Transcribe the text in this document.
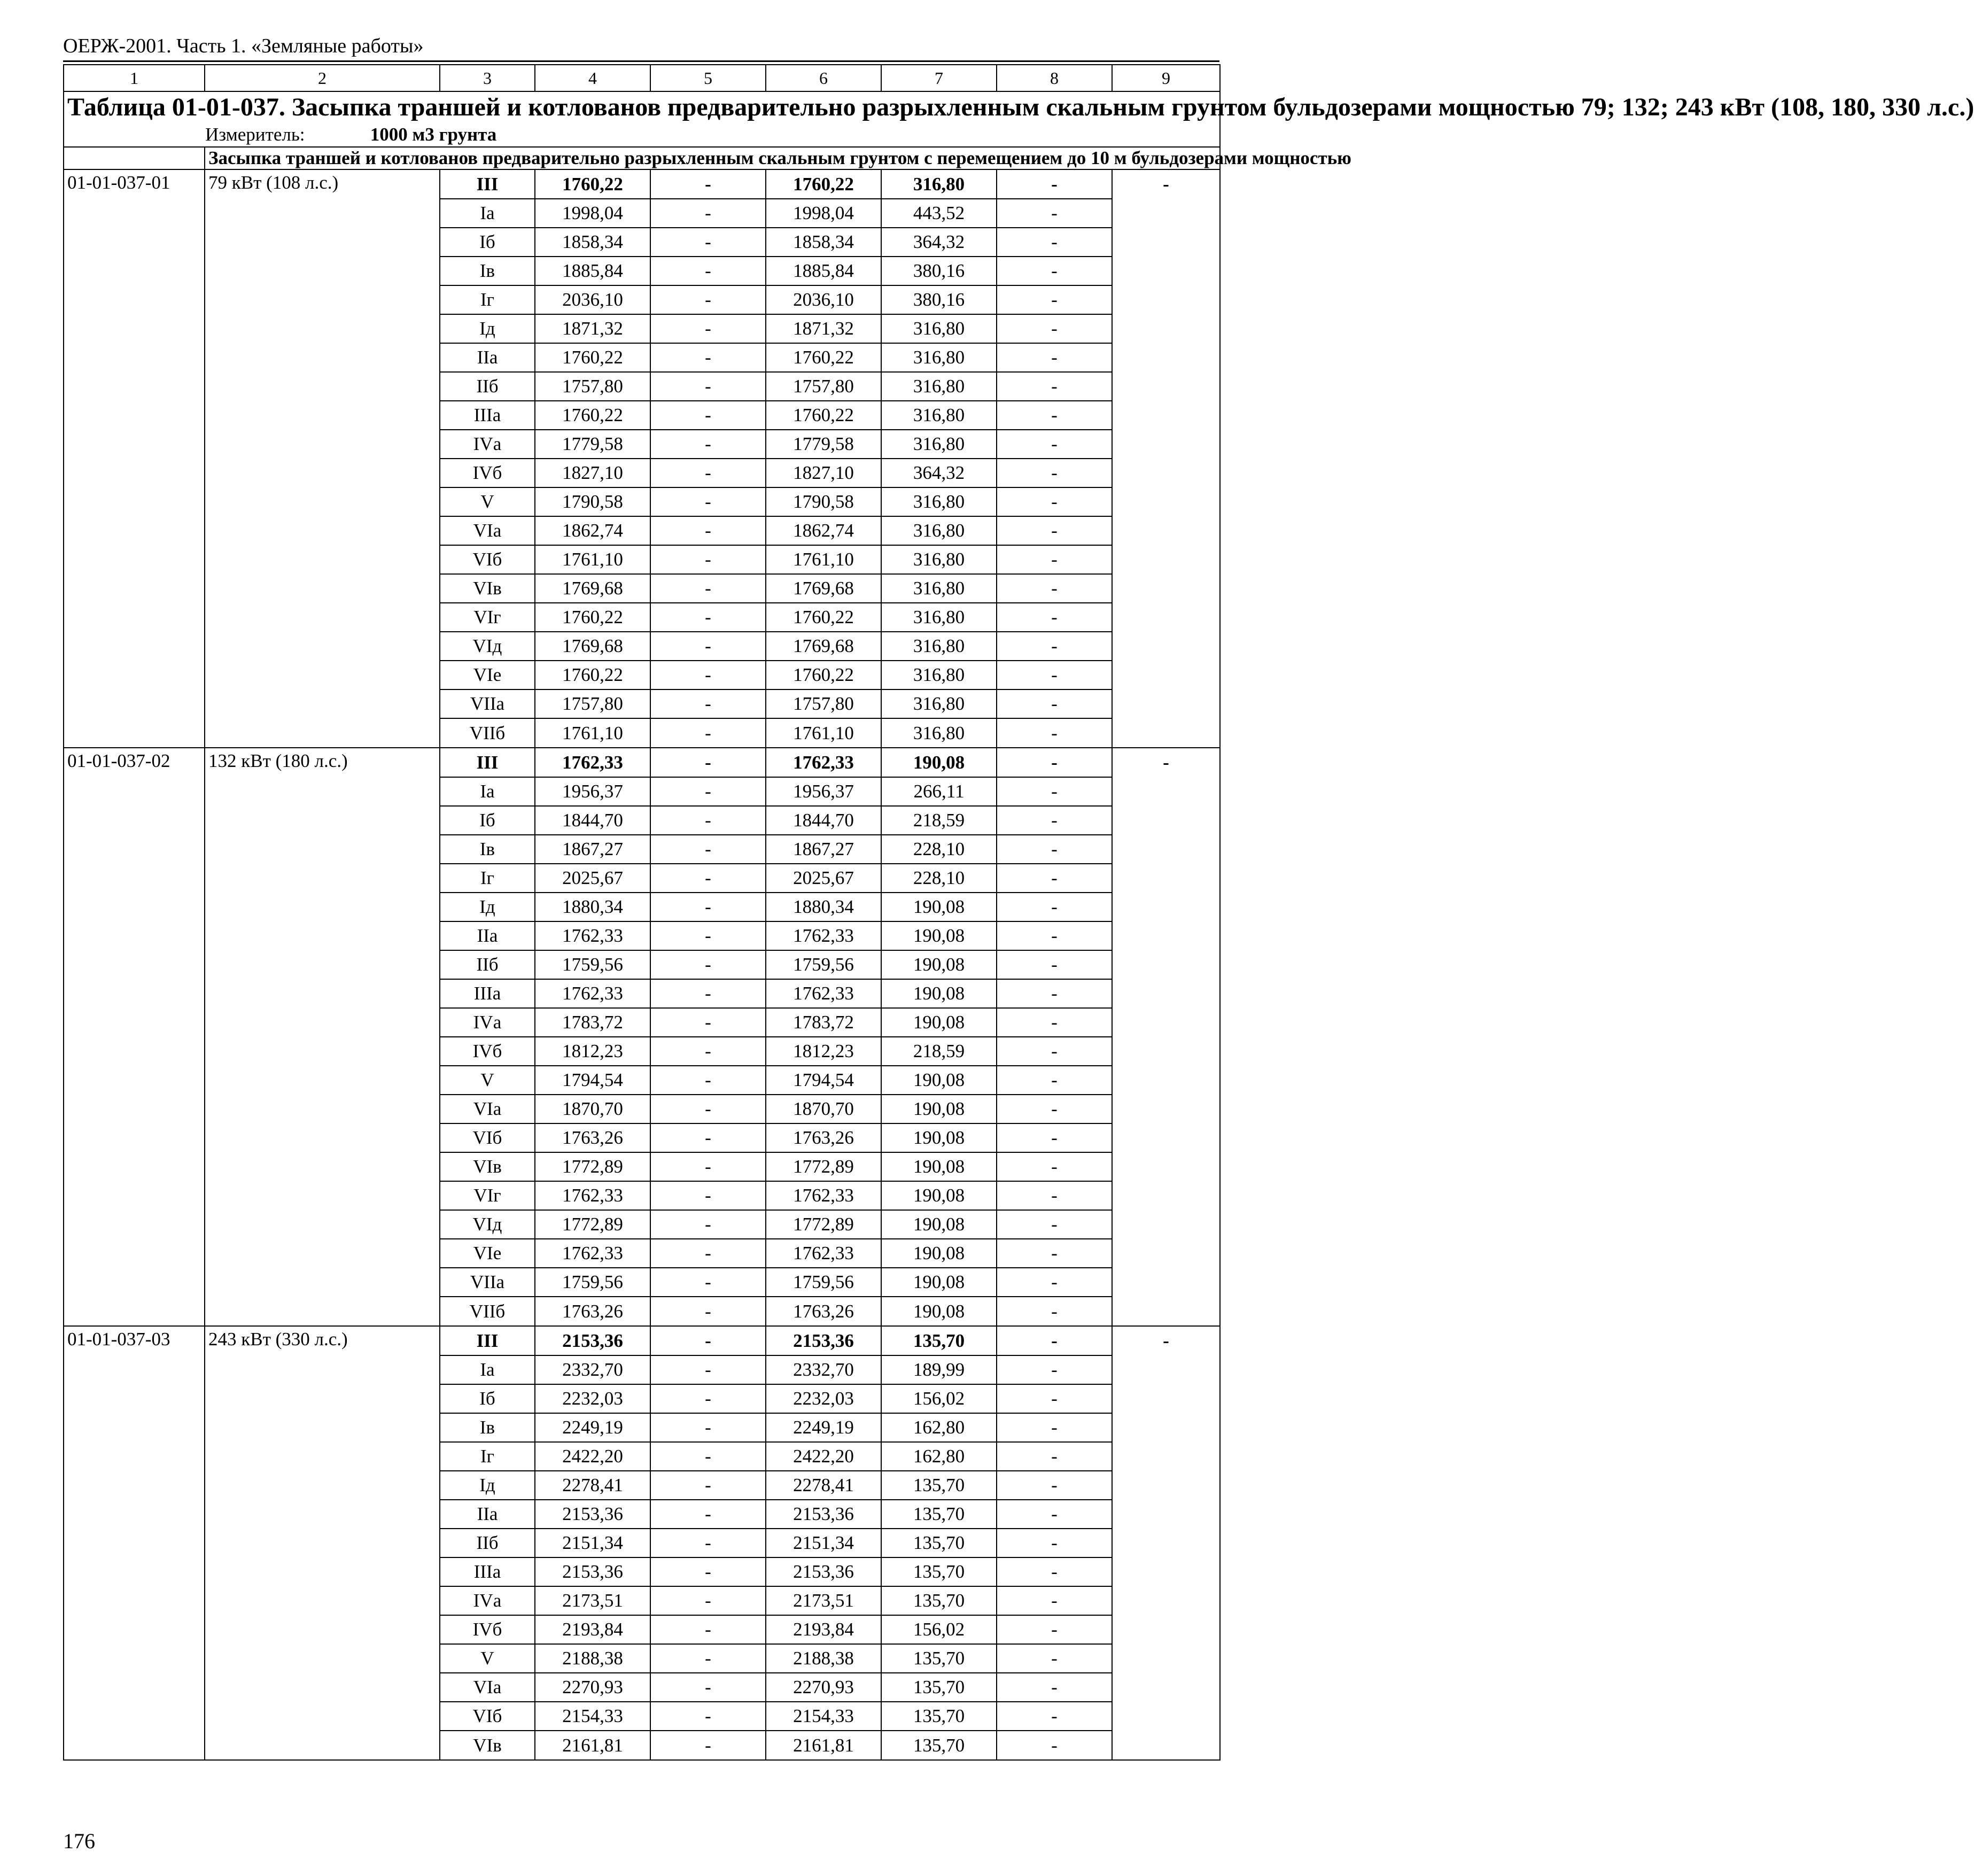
ОЕРЖ-2001. Часть 1. «Земляные работы»
1	2	3	4	5	6	7	8	9

Таблица 01-01-037. Засыпка траншей и котлованов предварительно разрыхленным скальным грунтом бульдозерами мощностью 79; 132; 243 кВт (108, 180, 330 л.с.)
Измеритель: 1000 м3 грунта								

	Засыпка траншей и котлованов предварительно разрыхленным скальным грунтом с перемещением до 10 м бульдозерами мощностью							
01-01-037-01	79 кВт (108 л.с.)	III	1760,22	-	1760,22	316,80	-	-
		Iа	1998,04	-	1998,04	443,52	-	
		Iб	1858,34	-	1858,34	364,32	-	
		Iв	1885,84	-	1885,84	380,16	-	
		Iг	2036,10	-	2036,10	380,16	-	
		Iд	1871,32	-	1871,32	316,80	-	
		IIа	1760,22	-	1760,22	316,80	-	
		IIб	1757,80	-	1757,80	316,80	-	
		IIIа	1760,22	-	1760,22	316,80	-	
		IVа	1779,58	-	1779,58	316,80	-	
		IVб	1827,10	-	1827,10	364,32	-	
		V	1790,58	-	1790,58	316,80	-	
		VIа	1862,74	-	1862,74	316,80	-	
		VIб	1761,10	-	1761,10	316,80	-	
		VIв	1769,68	-	1769,68	316,80	-	
		VIг	1760,22	-	1760,22	316,80	-	
		VIд	1769,68	-	1769,68	316,80	-	
		VIе	1760,22	-	1760,22	316,80	-	
		VIIа	1757,80	-	1757,80	316,80	-	
		VIIб	1761,10	-	1761,10	316,80	-	
01-01-037-02	132 кВт (180 л.с.)	III	1762,33	-	1762,33	190,08	-	-
		Iа	1956,37	-	1956,37	266,11	-	
		Iб	1844,70	-	1844,70	218,59	-	
		Iв	1867,27	-	1867,27	228,10	-	
		Iг	2025,67	-	2025,67	228,10	-	
		Iд	1880,34	-	1880,34	190,08	-	
		IIа	1762,33	-	1762,33	190,08	-	
		IIб	1759,56	-	1759,56	190,08	-	
		IIIа	1762,33	-	1762,33	190,08	-	
		IVа	1783,72	-	1783,72	190,08	-	
		IVб	1812,23	-	1812,23	218,59	-	
		V	1794,54	-	1794,54	190,08	-	
		VIа	1870,70	-	1870,70	190,08	-	
		VIб	1763,26	-	1763,26	190,08	-	
		VIв	1772,89	-	1772,89	190,08	-	
		VIг	1762,33	-	1762,33	190,08	-	
		VIд	1772,89	-	1772,89	190,08	-	
		VIе	1762,33	-	1762,33	190,08	-	
		VIIа	1759,56	-	1759,56	190,08	-	
		VIIб	1763,26	-	1763,26	190,08	-	
01-01-037-03	243 кВт (330 л.с.)	III	2153,36	-	2153,36	135,70	-	-
		Iа	2332,70	-	2332,70	189,99	-	
		Iб	2232,03	-	2232,03	156,02	-	
		Iв	2249,19	-	2249,19	162,80	-	
		Iг	2422,20	-	2422,20	162,80	-	
		Iд	2278,41	-	2278,41	135,70	-	
		IIа	2153,36	-	2153,36	135,70	-	
		IIб	2151,34	-	2151,34	135,70	-	
		IIIа	2153,36	-	2153,36	135,70	-	
		IVа	2173,51	-	2173,51	135,70	-	
		IVб	2193,84	-	2193,84	156,02	-	
		V	2188,38	-	2188,38	135,70	-	
		VIа	2270,93	-	2270,93	135,70	-	
		VIб	2154,33	-	2154,33	135,70	-	
		VIв	2161,81	-	2161,81	135,70	-	
176
